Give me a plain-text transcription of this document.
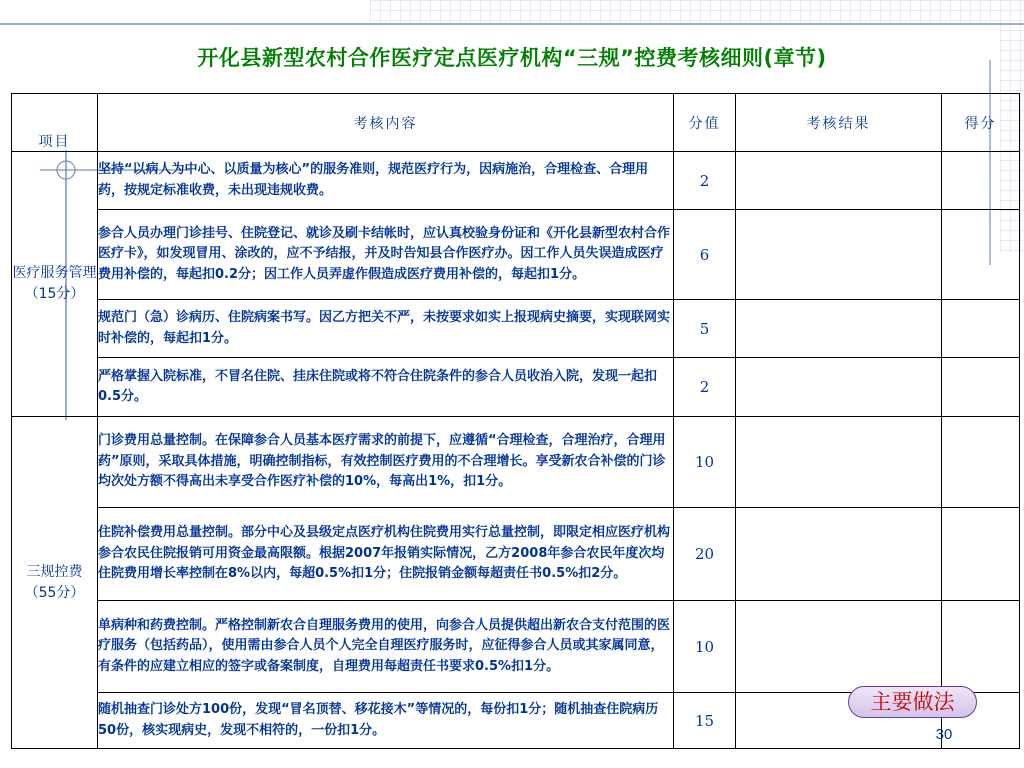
开化县新型农村合作医疗定点医疗机构“三规”控费考核细则(章节)
项目	考核内容	分值	考核结果	得分
医疗服务管理（15分）	坚持“以病人为中心、以质量为核心”的服务准则，规范医疗行为，因病施治，合理检查、合理用药，按规定标准收费，未出现违规收费。	2		
	参合人员办理门诊挂号、住院登记、就诊及刷卡结帐时，应认真校验身份证和《开化县新型农村合作医疗卡》，如发现冒用、涂改的，应不予结报，并及时告知县合作医疗办。因工作人员失误造成医疗费用补偿的，每起扣0.2分；因工作人员弄虚作假造成医疗费用补偿的，每起扣1分。	6		
	规范门（急）诊病历、住院病案书写。因乙方把关不严，未按要求如实上报现病史摘要，实现联网实时补偿的，每起扣1分。	5		
	严格掌握入院标准，不冒名住院、挂床住院或将不符合住院条件的参合人员收治入院，发现一起扣0.5分。	2		
三规控费（55分）	门诊费用总量控制。在保障参合人员基本医疗需求的前提下，应遵循“合理检查，合理治疗，合理用药”原则，采取具体措施，明确控制指标，有效控制医疗费用的不合理增长。享受新农合补偿的门诊均次处方额不得高出未享受合作医疗补偿的10%，每高出1%，扣1分。	10		
	住院补偿费用总量控制。部分中心及县级定点医疗机构住院费用实行总量控制，即限定相应医疗机构参合农民住院报销可用资金最高限额。根据2007年报销实际情况，乙方2008年参合农民年度次均住院费用增长率控制在8%以内，每超0.5%扣1分；住院报销金额每超责任书0.5%扣2分。	20		
	单病种和药费控制。严格控制新农合自理服务费用的使用，向参合人员提供超出新农合支付范围的医疗服务（包括药品），使用需由参合人员个人完全自理医疗服务时，应征得参合人员或其家属同意，有条件的应建立相应的签字或备案制度，自理费用每超责任书要求0.5%扣1分。	10		
	随机抽查门诊处方100份，发现“冒名顶替、移花接木”等情况的，每份扣1分；随机抽查住院病历50份，核实现病史，发现不相符的，一份扣1分。	15		
主要做法
30
